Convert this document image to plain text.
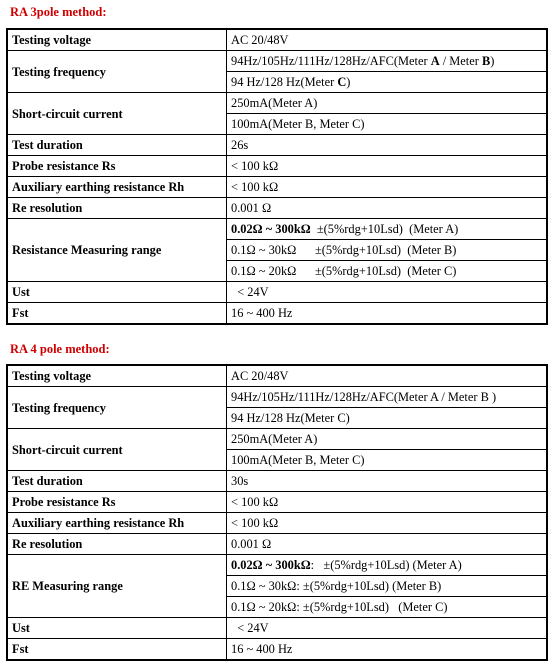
RA 3pole method:
Testing voltage	AC 20/48V
Testing frequency	94Hz/105Hz/111Hz/128Hz/AFC(Meter A / Meter B)
	94 Hz/128 Hz(Meter C)
Short-circuit current	250mA(Meter A)
	100mA(Meter B, Meter C)
Test duration	26s
Probe resistance Rs	< 100 kΩ
Auxiliary earthing resistance Rh	< 100 kΩ
Re resolution	0.001 Ω
Resistance Measuring range	0.02Ω ~ 300kΩ  ±(5%rdg+10Lsd)  (Meter A)
	0.1Ω ~ 30kΩ      ±(5%rdg+10Lsd)  (Meter B)
	0.1Ω ~ 20kΩ      ±(5%rdg+10Lsd)  (Meter C)
Ust	< 24V
Fst	16 ~ 400 Hz
RA 4 pole method:
Testing voltage	AC 20/48V
Testing frequency	94Hz/105Hz/111Hz/128Hz/AFC(Meter A / Meter B )
	94 Hz/128 Hz(Meter C)
Short-circuit current	250mA(Meter A)
	100mA(Meter B, Meter C)
Test duration	30s
Probe resistance Rs	< 100 kΩ
Auxiliary earthing resistance Rh	< 100 kΩ
Re resolution	0.001 Ω
RE Measuring range	0.02Ω ~ 300kΩ:   ±(5%rdg+10Lsd) (Meter A)
	0.1Ω ~ 30kΩ: ±(5%rdg+10Lsd) (Meter B)
	0.1Ω ~ 20kΩ: ±(5%rdg+10Lsd)   (Meter C)
Ust	< 24V
Fst	16 ~ 400 Hz
